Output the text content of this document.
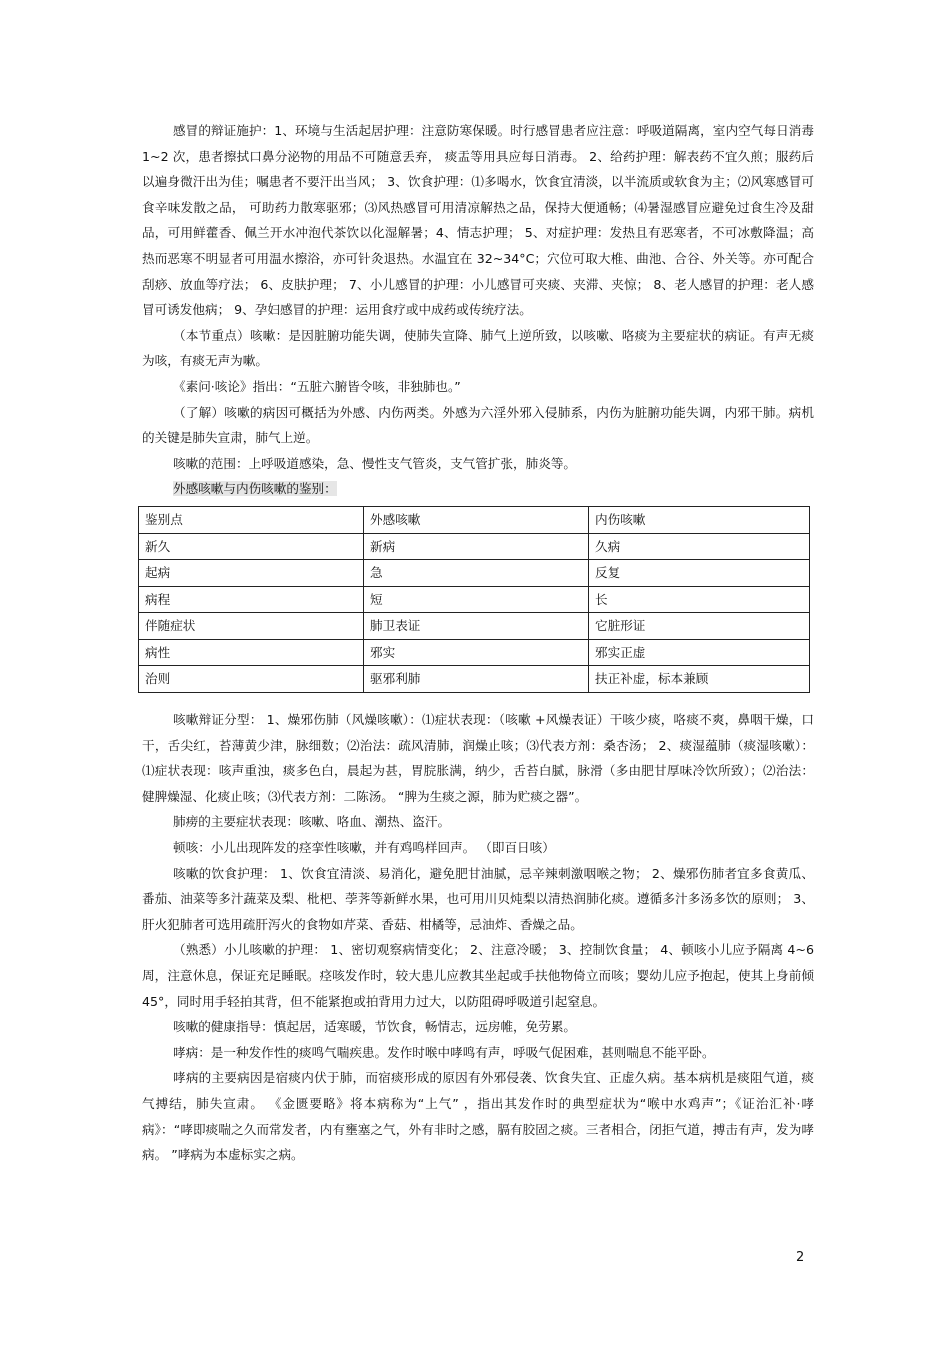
感冒的辩证施护：1、环境与生活起居护理：注意防寒保暖。时行感冒患者应注意：呼吸道隔离，室内空气每日消毒 1~2 次，患者擦拭口鼻分泌物的用品不可随意丢弃， 痰盂等用具应每日消毒。 2、给药护理：解表药不宜久煎；服药后以遍身微汗出为佳；嘱患者不要汗出当风； 3、饮食护理：⑴多喝水，饮食宜清淡，以半流质或软食为主；⑵风寒感冒可食辛味发散之品， 可助药力散寒驱邪；⑶风热感冒可用清凉解热之品，保持大便通畅；⑷暑湿感冒应避免过食生冷及甜品，可用鲜藿香、佩兰开水冲泡代茶饮以化湿解暑；4、情志护理； 5、对症护理：发热且有恶寒者，不可冰敷降温；高热而恶寒不明显者可用温水擦浴，亦可针灸退热。水温宜在 32~34°C；穴位可取大椎、曲池、合谷、外关等。亦可配合刮痧、放血等疗法； 6、皮肤护理； 7、小儿感冒的护理：小儿感冒可夹痰、夹滞、夹惊； 8、老人感冒的护理：老人感冒可诱发他病； 9、孕妇感冒的护理：运用食疗或中成药或传统疗法。

（本节重点）咳嗽：是因脏腑功能失调，使肺失宣降、肺气上逆所致，以咳嗽、咯痰为主要症状的病证。有声无痰为咳，有痰无声为嗽。

《素问·咳论》指出：“五脏六腑皆令咳，非独肺也。”

（了解）咳嗽的病因可概括为外感、内伤两类。外感为六淫外邪入侵肺系，内伤为脏腑功能失调，内邪干肺。病机的关键是肺失宣肃，肺气上逆。

咳嗽的范围：上呼吸道感染，急、慢性支气管炎，支气管扩张，肺炎等。

外感咳嗽与内伤咳嗽的鉴别：

鉴别点	外感咳嗽	内伤咳嗽
新久	新病	久病
起病	急	反复
病程	短	长
伴随症状	肺卫表证	它脏形证
病性	邪实	邪实正虚
治则	驱邪利肺	扶正补虚，标本兼顾

咳嗽辩证分型： 1、燥邪伤肺（风燥咳嗽）：⑴症状表现：（咳嗽 +风燥表证）干咳少痰，咯痰不爽，鼻咽干燥，口干，舌尖红，苔薄黄少津，脉细数；⑵治法：疏风清肺，润燥止咳；⑶代表方剂：桑杏汤； 2、痰湿蕴肺（痰湿咳嗽）：⑴症状表现：咳声重浊，痰多色白，晨起为甚，胃脘胀满，纳少，舌苔白腻，脉滑（多由肥甘厚味冷饮所致）；⑵治法：健脾燥湿、化痰止咳；⑶代表方剂：二陈汤。 “脾为生痰之源，肺为贮痰之器”。

肺痨的主要症状表现：咳嗽、咯血、潮热、盗汗。

顿咳：小儿出现阵发的痉挛性咳嗽，并有鸡鸣样回声。 （即百日咳）

咳嗽的饮食护理： 1、饮食宜清淡、易消化，避免肥甘油腻，忌辛辣刺激咽喉之物； 2、燥邪伤肺者宜多食黄瓜、番茄、油菜等多汁蔬菜及梨、枇杷、荸荠等新鲜水果，也可用川贝炖梨以清热润肺化痰。遵循多汁多汤多饮的原则； 3、肝火犯肺者可选用疏肝泻火的食物如芹菜、香菇、柑橘等，忌油炸、香燥之品。

（熟悉）小儿咳嗽的护理： 1、密切观察病情变化； 2、注意冷暖； 3、控制饮食量； 4、顿咳小儿应予隔离 4~6 周，注意休息，保证充足睡眠。痉咳发作时，较大患儿应教其坐起或手扶他物倚立而咳；婴幼儿应予抱起，使其上身前倾 45°，同时用手轻拍其背，但不能紧抱或拍背用力过大，以防阻碍呼吸道引起窒息。

咳嗽的健康指导：慎起居，适寒暖，节饮食，畅情志，远房帷，免劳累。

哮病：是一种发作性的痰鸣气喘疾患。发作时喉中哮鸣有声，呼吸气促困难，甚则喘息不能平卧。

哮病的主要病因是宿痰内伏于肺，而宿痰形成的原因有外邪侵袭、饮食失宜、正虚久病。基本病机是痰阻气道，痰气搏结，肺失宣肃。 《金匮要略》将本病称为“上气” ，指出其发作时的典型症状为“喉中水鸡声”；《证治汇补·哮病》：“哮即痰喘之久而常发者，内有壅塞之气，外有非时之感，膈有胶固之痰。三者相合，闭拒气道，搏击有声，发为哮病。 ”哮病为本虚标实之病。

2
